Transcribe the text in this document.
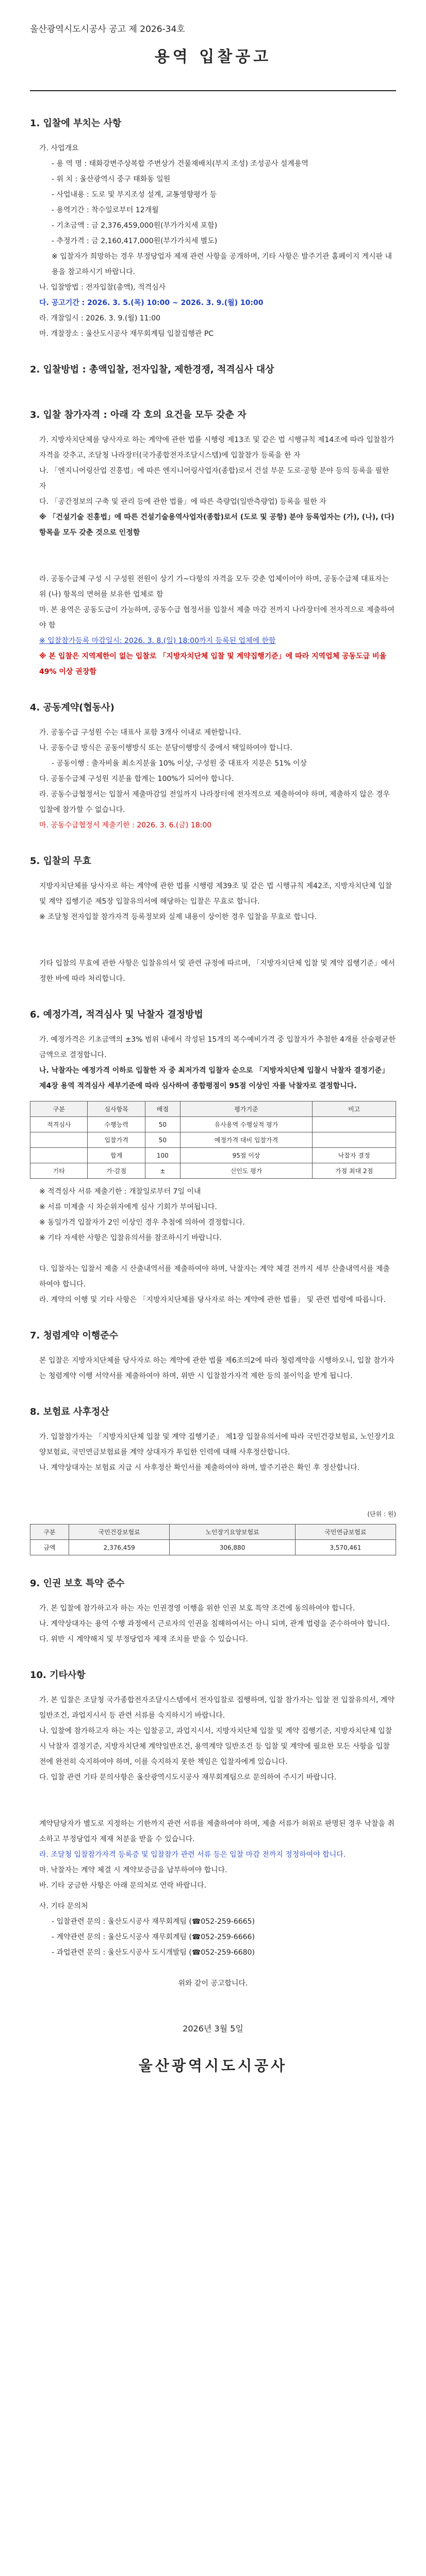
울산광역시도시공사 공고 제 2026-34호

용역 입찰공고

1. 입찰에 부치는 사항

가. 사업개요

- 용 역 명 : 태화강변주상복합 주변상가 건물재배치(부지 조성) 조성공사 설계용역

- 위 치 : 울산광역시 중구 태화동 일원

- 사업내용 : 도로 및 부지조성 설계, 교통영향평가 등

- 용역기간 : 착수일로부터 12개월

- 기초금액 : 금 2,376,459,000원(부가가치세 포함)

- 추정가격 : 금 2,160,417,000원(부가가치세 별도)

※ 입찰자가 희망하는 경우 부정당업자 제재 관련 사항을 공개하며, 기타 사항은 발주기관 홈페이지 게시판 내용을 참고하시기 바랍니다.

나. 입찰방법 : 전자입찰(총액), 적격심사

다. 공고기간 : 2026. 3. 5.(목) 10:00 ~ 2026. 3. 9.(월) 10:00

라. 개찰일시 : 2026. 3. 9.(월) 11:00

마. 개찰장소 : 울산도시공사 재무회계팀 입찰집행관 PC

2. 입찰방법 : 총액입찰, 전자입찰, 제한경쟁, 적격심사 대상

3. 입찰 참가자격 : 아래 각 호의 요건을 모두 갖춘 자

가. 지방자치단체를 당사자로 하는 계약에 관한 법률 시행령 제13조 및 같은 법 시행규칙 제14조에 따라 입찰참가자격을 갖추고, 조달청 나라장터(국가종합전자조달시스템)에 입찰참가 등록을 한 자

나. 「엔지니어링산업 진흥법」에 따른 엔지니어링사업자(종합)로서 건설 부문 도로·공항 분야 등의 등록을 필한 자

다. 「공간정보의 구축 및 관리 등에 관한 법률」에 따른 측량업(일반측량업) 등록을 필한 자

※ 「건설기술 진흥법」에 따른 건설기술용역사업자(종합)로서 (도로 및 공항) 분야 등록업자는 (가), (나), (다) 항목을 모두 갖춘 것으로 인정함

라. 공동수급체 구성 시 구성원 전원이 상기 가~다항의 자격을 모두 갖춘 업체이어야 하며, 공동수급체 대표자는 위 (나) 항목의 면허를 보유한 업체로 함

마. 본 용역은 공동도급이 가능하며, 공동수급 협정서를 입찰서 제출 마감 전까지 나라장터에 전자적으로 제출하여야 함

※ 입찰참가등록 마감일시: 2026. 3. 8.(일) 18:00까지 등록된 업체에 한함

※ 본 입찰은 지역제한이 없는 입찰로 「지방자치단체 입찰 및 계약집행기준」에 따라 지역업체 공동도급 비율 49% 이상 권장함

4. 공동계약(협동사)

가. 공동수급 구성원 수는 대표사 포함 3개사 이내로 제한합니다.

나. 공동수급 방식은 공동이행방식 또는 분담이행방식 중에서 택일하여야 합니다.

- 공동이행 : 출자비율 최소지분율 10% 이상, 구성원 중 대표자 지분은 51% 이상

다. 공동수급체 구성원 지분율 합계는 100%가 되어야 합니다.

라. 공동수급협정서는 입찰서 제출마감일 전일까지 나라장터에 전자적으로 제출하여야 하며, 제출하지 않은 경우 입찰에 참가할 수 없습니다.

마. 공동수급협정서 제출기한 : 2026. 3. 6.(금) 18:00

5. 입찰의 무효

지방자치단체를 당사자로 하는 계약에 관한 법률 시행령 제39조 및 같은 법 시행규칙 제42조, 지방자치단체 입찰 및 계약 집행기준 제5장 입찰유의서에 해당하는 입찰은 무효로 합니다.

※ 조달청 전자입찰 참가자격 등록정보와 실제 내용이 상이한 경우 입찰을 무효로 합니다.

기타 입찰의 무효에 관한 사항은 입찰유의서 및 관련 규정에 따르며, 「지방자치단체 입찰 및 계약 집행기준」에서 정한 바에 따라 처리합니다.

6. 예정가격, 적격심사 및 낙찰자 결정방법

가. 예정가격은 기초금액의 ±3% 범위 내에서 작성된 15개의 복수예비가격 중 입찰자가 추첨한 4개를 산술평균한 금액으로 결정합니다.

나. 낙찰자는 예정가격 이하로 입찰한 자 중 최저가격 입찰자 순으로 「지방자치단체 입찰시 낙찰자 결정기준」 제4장 용역 적격심사 세부기준에 따라 심사하여 종합평점이 95점 이상인 자를 낙찰자로 결정합니다.

구분	심사항목	배점	평가기준	비고
적격심사	수행능력	50	유사용역 수행실적 평가	
	입찰가격	50	예정가격 대비 입찰가격	
	합계	100	95점 이상	낙찰자 결정
기타	가·감점	±	신인도 평가	가점 최대 2점

※ 적격심사 서류 제출기한 : 개찰일로부터 7일 이내

※ 서류 미제출 시 차순위자에게 심사 기회가 부여됩니다.

※ 동일가격 입찰자가 2인 이상인 경우 추첨에 의하여 결정합니다.

※ 기타 자세한 사항은 입찰유의서를 참조하시기 바랍니다.

다. 입찰자는 입찰서 제출 시 산출내역서를 제출하여야 하며, 낙찰자는 계약 체결 전까지 세부 산출내역서를 제출하여야 합니다.

라. 계약의 이행 및 기타 사항은 「지방자치단체를 당사자로 하는 계약에 관한 법률」 및 관련 법령에 따릅니다.

7. 청렴계약 이행준수

본 입찰은 지방자치단체를 당사자로 하는 계약에 관한 법률 제6조의2에 따라 청렴계약을 시행하오니, 입찰 참가자는 청렴계약 이행 서약서를 제출하여야 하며, 위반 시 입찰참가자격 제한 등의 불이익을 받게 됩니다.

8. 보험료 사후정산

가. 입찰참가자는 「지방자치단체 입찰 및 계약 집행기준」 제1장 입찰유의서에 따라 국민건강보험료, 노인장기요양보험료, 국민연금보험료를 계약 상대자가 투입한 인력에 대해 사후정산합니다.

나. 계약상대자는 보험료 지급 시 사후정산 확인서를 제출하여야 하며, 발주기관은 확인 후 정산합니다.

(단위 : 원)

구분	국민건강보험료	노인장기요양보험료	국민연금보험료
금액	2,376,459	306,880	3,570,461

9. 인권 보호 특약 준수

가. 본 입찰에 참가하고자 하는 자는 인권경영 이행을 위한 인권 보호 특약 조건에 동의하여야 합니다.

나. 계약상대자는 용역 수행 과정에서 근로자의 인권을 침해하여서는 아니 되며, 관계 법령을 준수하여야 합니다.

다. 위반 시 계약해지 및 부정당업자 제재 조치를 받을 수 있습니다.

10. 기타사항

가. 본 입찰은 조달청 국가종합전자조달시스템에서 전자입찰로 집행하며, 입찰 참가자는 입찰 전 입찰유의서, 계약일반조건, 과업지시서 등 관련 서류를 숙지하시기 바랍니다.

나. 입찰에 참가하고자 하는 자는 입찰공고, 과업지시서, 지방자치단체 입찰 및 계약 집행기준, 지방자치단체 입찰시 낙찰자 결정기준, 지방자치단체 계약일반조건, 용역계약 일반조건 등 입찰 및 계약에 필요한 모든 사항을 입찰 전에 완전히 숙지하여야 하며, 이를 숙지하지 못한 책임은 입찰자에게 있습니다.

다. 입찰 관련 기타 문의사항은 울산광역시도시공사 재무회계팀으로 문의하여 주시기 바랍니다.

계약담당자가 별도로 지정하는 기한까지 관련 서류를 제출하여야 하며, 제출 서류가 허위로 판명된 경우 낙찰을 취소하고 부정당업자 제재 처분을 받을 수 있습니다.

라. 조달청 입찰참가자격 등록증 및 입찰참가 관련 서류 등은 입찰 마감 전까지 정정하여야 합니다.

마. 낙찰자는 계약 체결 시 계약보증금을 납부하여야 합니다.

바. 기타 궁금한 사항은 아래 문의처로 연락 바랍니다.

사. 기타 문의처

- 입찰관련 문의 : 울산도시공사 재무회계팀 (☎052-259-6665)

- 계약관련 문의 : 울산도시공사 재무회계팀 (☎052-259-6666)

- 과업관련 문의 : 울산도시공사 도시개발팀 (☎052-259-6680)

위와 같이 공고합니다.

2026년 3월 5일

울산광역시도시공사
